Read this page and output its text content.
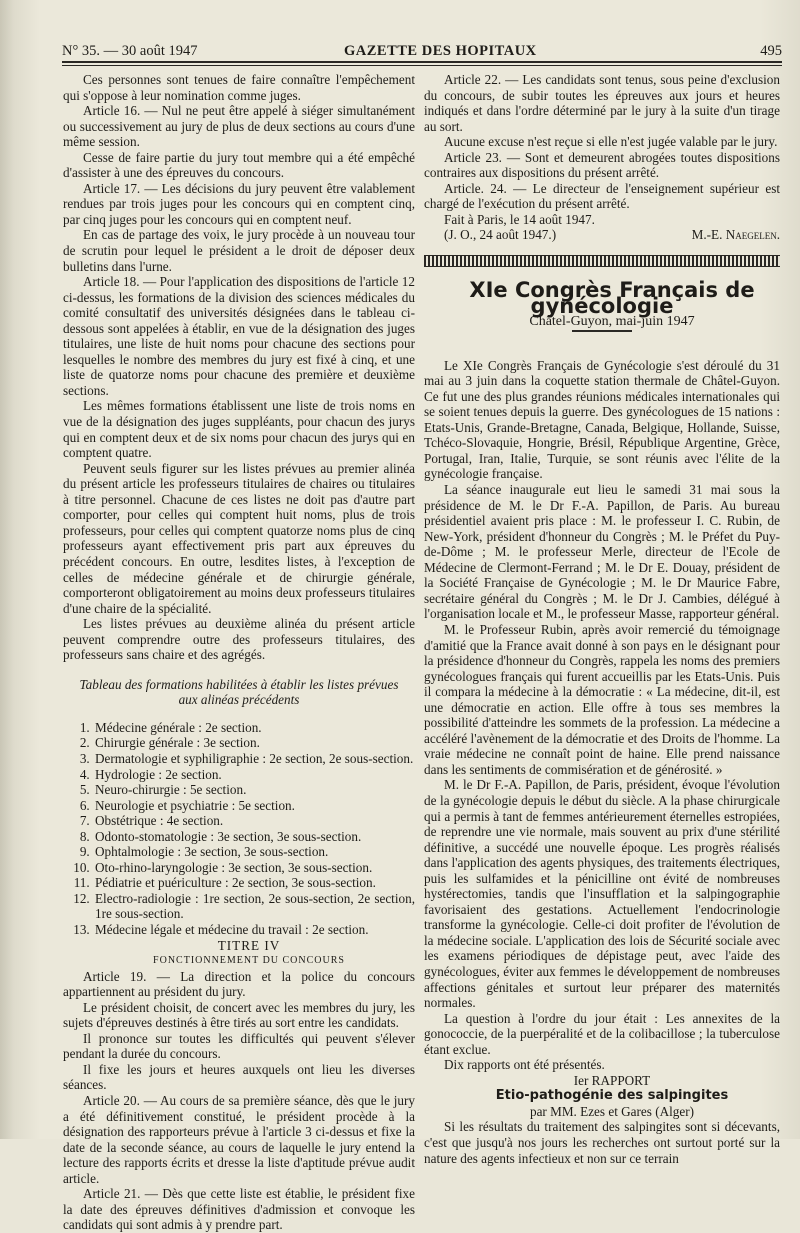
N° 35. — 30 août 1947	GAZETTE DES HOPITAUX	495

Ces personnes sont tenues de faire connaître l'empêchement qui s'oppose à leur nomination comme juges.

Article 16. — Nul ne peut être appelé à siéger simultanément ou successivement au jury de plus de deux sections au cours d'une même session.

Cesse de faire partie du jury tout membre qui a été empêché d'assister à une des épreuves du concours.

Article 17. — Les décisions du jury peuvent être valablement rendues par trois juges pour les concours qui en comptent cinq, par cinq juges pour les concours qui en comptent neuf.

En cas de partage des voix, le jury procède à un nouveau tour de scrutin pour lequel le président a le droit de déposer deux bulletins dans l'urne.

Article 18. — Pour l'application des dispositions de l'article 12 ci-dessus, les formations de la division des sciences médicales du comité consultatif des universités désignées dans le tableau ci-dessous sont appelées à établir, en vue de la désignation des juges titulaires, une liste de huit noms pour chacune des sections pour lesquelles le nombre des membres du jury est fixé à cinq, et une liste de quatorze noms pour chacune des première et deuxième sections.

Les mêmes formations établissent une liste de trois noms en vue de la désignation des juges suppléants, pour chacun des jurys qui en comptent deux et de six noms pour chacun des jurys qui en comptent quatre.

Peuvent seuls figurer sur les listes prévues au premier alinéa du présent article les professeurs titulaires de chaires ou titulaires à titre personnel. Chacune de ces listes ne doit pas d'autre part comporter, pour celles qui comptent huit noms, plus de trois professeurs, pour celles qui comptent quatorze noms plus de cinq professeurs ayant effectivement pris part aux épreuves du précédent concours. En outre, lesdites listes, à l'exception de celles de médecine générale et de chirurgie générale, comporteront obligatoirement au moins deux professeurs titulaires d'une chaire de la spécialité.

Les listes prévues au deuxième alinéa du présent article peuvent comprendre outre des professeurs titulaires, des professeurs sans chaire et des agrégés.

Tableau des formations habilitées à établir les listes prévues aux alinéas précédents

1. Médecine générale : 2e section.
2. Chirurgie générale : 3e section.
3. Dermatologie et syphiligraphie : 2e section, 2e sous-section.
4. Hydrologie : 2e section.
5. Neuro-chirurgie : 5e section.
6. Neurologie et psychiatrie : 5e section.
7. Obstétrique : 4e section.
8. Odonto-stomatologie : 3e section, 3e sous-section.
9. Ophtalmologie : 3e section, 3e sous-section.
10. Oto-rhino-laryngologie : 3e section, 3e sous-section.
11. Pédiatrie et puériculture : 2e section, 3e sous-section.
12. Electro-radiologie : 1re section, 2e sous-section, 2e section, 1re sous-section.
13. Médecine légale et médecine du travail : 2e section.

TITRE IV

FONCTIONNEMENT DU CONCOURS

Article 19. — La direction et la police du concours appartiennent au président du jury.

Le président choisit, de concert avec les membres du jury, les sujets d'épreuves destinés à être tirés au sort entre les candidats.

Il prononce sur toutes les difficultés qui peuvent s'élever pendant la durée du concours.

Il fixe les jours et heures auxquels ont lieu les diverses séances.

Article 20. — Au cours de sa première séance, dès que le jury a été définitivement constitué, le président procède à la désignation des rapporteurs prévue à l'article 3 ci-dessus et fixe la date de la seconde séance, au cours de laquelle le jury entend la lecture des rapports écrits et dresse la liste d'aptitude prévue audit article.

Article 21. — Dès que cette liste est établie, le président fixe la date des épreuves définitives d'admission et convoque les candidats qui sont admis à y prendre part.

Article 22. — Les candidats sont tenus, sous peine d'exclusion du concours, de subir toutes les épreuves aux jours et heures indiqués et dans l'ordre déterminé par le jury à la suite d'un tirage au sort.

Aucune excuse n'est reçue si elle n'est jugée valable par le jury.

Article 23. — Sont et demeurent abrogées toutes dispositions contraires aux dispositions du présent arrêté.

Article. 24. — Le directeur de l'enseignement supérieur est chargé de l'exécution du présent arrêté.

Fait à Paris, le 14 août 1947.

(J. O., 24 août 1947.)	M.-E. Naegelen.

XIe Congrès Français de gynécologie

Châtel-Guyon, mai-juin 1947

Le XIe Congrès Français de Gynécologie s'est déroulé du 31 mai au 3 juin dans la coquette station thermale de Châtel-Guyon. Ce fut une des plus grandes réunions médicales internationales qui se soient tenues depuis la guerre. Des gynécologues de 15 nations : Etats-Unis, Grande-Bretagne, Canada, Belgique, Hollande, Suisse, Tchéco-Slovaquie, Hongrie, Brésil, République Argentine, Grèce, Portugal, Iran, Italie, Turquie, se sont réunis avec l'élite de la gynécologie française.

La séance inaugurale eut lieu le samedi 31 mai sous la présidence de M. le Dr F.-A. Papillon, de Paris. Au bureau présidentiel avaient pris place : M. le professeur I. C. Rubin, de New-York, président d'honneur du Congrès ; M. le Préfet du Puy-de-Dôme ; M. le professeur Merle, directeur de l'Ecole de Médecine de Clermont-Ferrand ; M. le Dr E. Douay, président de la Société Française de Gynécologie ; M. le Dr Maurice Fabre, secrétaire général du Congrès ; M. le Dr J. Cambies, délégué à l'organisation locale et M., le professeur Masse, rapporteur général.

M. le Professeur Rubin, après avoir remercié du témoignage d'amitié que la France avait donné à son pays en le désignant pour la présidence d'honneur du Congrès, rappela les noms des premiers gynécologues français qui furent accueillis par les Etats-Unis. Puis il compara la médecine à la démocratie : « La médecine, dit-il, est une démocratie en action. Elle offre à tous ses membres la possibilité d'atteindre les sommets de la profession. La médecine a accéléré l'avènement de la démocratie et des Droits de l'homme. La vraie médecine ne connaît point de haine. Elle prend naissance dans les sentiments de commisération et de générosité. »

M. le Dr F.-A. Papillon, de Paris, président, évoque l'évolution de la gynécologie depuis le début du siècle. A la phase chirurgicale qui a permis à tant de femmes antérieurement éternelles estropiées, de reprendre une vie normale, mais souvent au prix d'une stérilité définitive, a succédé une nouvelle époque. Les progrès réalisés dans l'application des agents physiques, des traitements électriques, puis les sulfamides et la pénicilline ont évité de nombreuses hystérectomies, tandis que l'insufflation et la salpingographie favorisaient des gestations. Actuellement l'endocrinologie transforme la gynécologie. Celle-ci doit profiter de l'évolution de la médecine sociale. L'application des lois de Sécurité sociale avec les examens périodiques de dépistage peut, avec l'aide des gynécologues, éviter aux femmes le développement de nombreuses affections génitales et surtout leur préparer des maternités normales.

La question à l'ordre du jour était : Les annexites de la gonococcie, de la puerpéralité et de la colibacillose ; la tuberculose étant exclue.

Dix rapports ont été présentés.

Ier RAPPORT

Etio-pathogénie des salpingites

par MM. Ezes et Gares (Alger)

Si les résultats du traitement des salpingites sont si décevants, c'est que jusqu'à nos jours les recherches ont surtout porté sur la nature des agents infectieux et non sur ce terrain
